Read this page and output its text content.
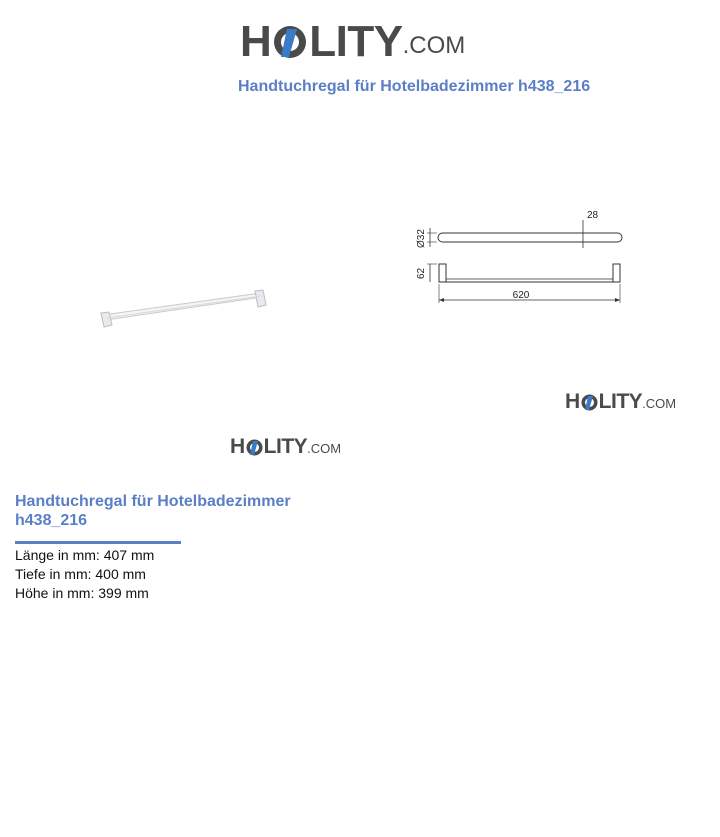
H LITY .COM
Handtuchregal für Hotelbadezimmer h438_216
Ø32
28
62
620
H LITY .COM
H LITY .COM
Handtuchregal für Hotelbadezimmer h438_216
Länge in mm: 407 mm
Tiefe in mm: 400 mm
Höhe in mm: 399 mm
